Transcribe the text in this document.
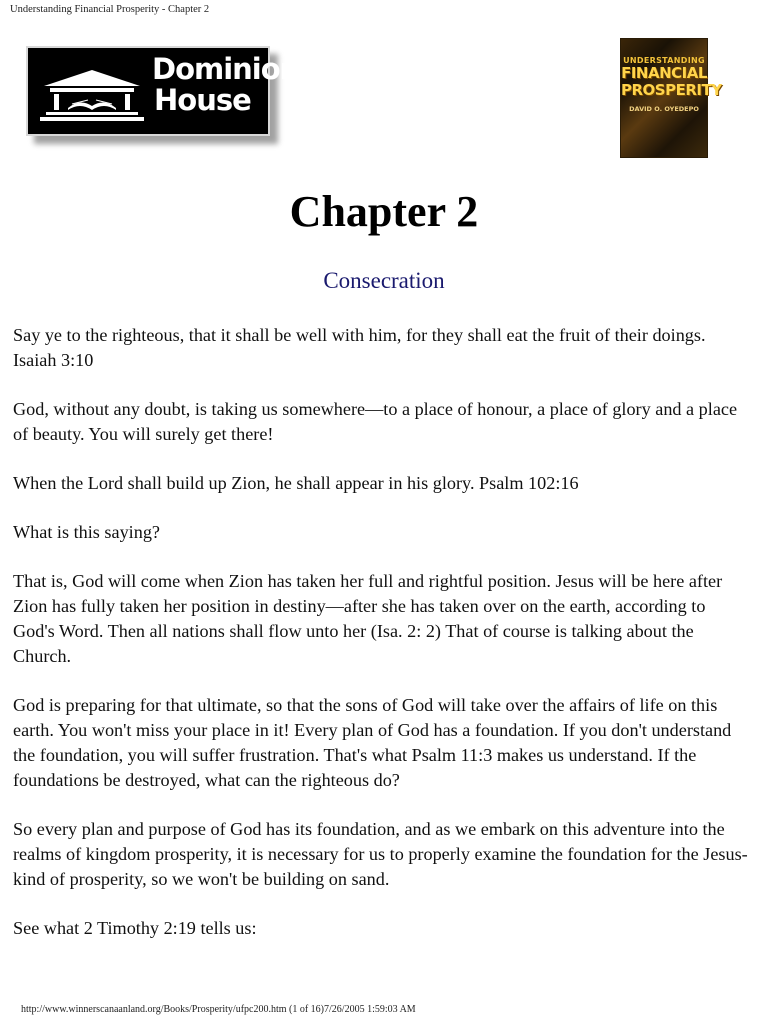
Understanding Financial Prosperity - Chapter 2
Dominion
House
UNDERSTANDING
FINANCIAL
PROSPERITY
DAVID O. OYEDEPO
Chapter 2
Consecration

Say ye to the righteous, that it shall be well with him, for they shall eat the fruit of their doings. Isaiah 3:10

God, without any doubt, is taking us somewhere—to a place of honour, a place of glory and a place of beauty. You will surely get there!

When the Lord shall build up Zion, he shall appear in his glory. Psalm 102:16

What is this saying?

That is, God will come when Zion has taken her full and rightful position. Jesus will be here after Zion has fully taken her position in destiny—after she has taken over on the earth, according to God's Word. Then all nations shall flow unto her (Isa. 2: 2) That of course is talking about the Church.

God is preparing for that ultimate, so that the sons of God will take over the affairs of life on this earth. You won't miss your place in it! Every plan of God has a foundation. If you don't understand the foundation, you will suffer frustration. That's what Psalm 11:3 makes us understand. If the foundations be destroyed, what can the righteous do?

So every plan and purpose of God has its foundation, and as we embark on this adventure into the realms of kingdom prosperity, it is necessary for us to properly examine the foundation for the Jesus-kind of prosperity, so we won't be building on sand.

See what 2 Timothy 2:19 tells us:

http://www.winnerscanaanland.org/Books/Prosperity/ufpc200.htm (1 of 16)7/26/2005 1:59:03 AM
